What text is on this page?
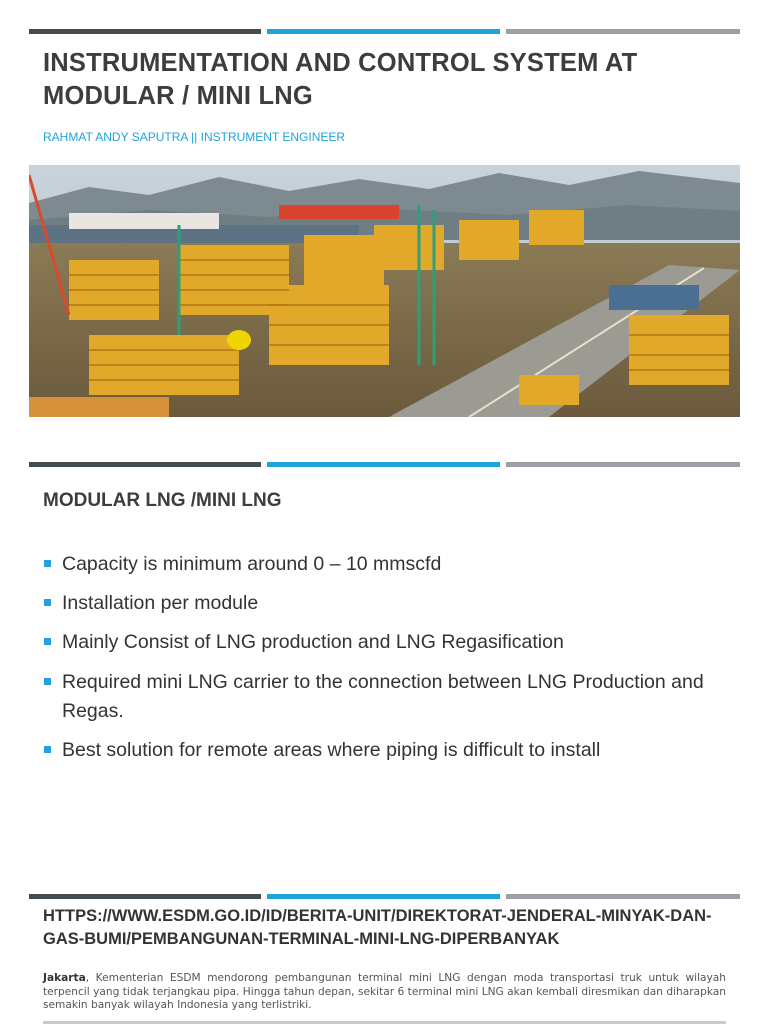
INSTRUMENTATION AND CONTROL SYSTEM AT MODULAR / MINI LNG

RAHMAT ANDY SAPUTRA || INSTRUMENT ENGINEER

MODULAR LNG /MINI LNG
Capacity is minimum around 0 – 10 mmscfd
Installation per module
Mainly Consist of LNG production and LNG Regasification
Required mini LNG carrier to the connection between LNG Production and Regas.
Best solution for remote areas where piping is difficult to install
HTTPS://WWW.ESDM.GO.ID/ID/BERITA-UNIT/DIREKTORAT-JENDERAL-MINYAK-DAN-GAS-BUMI/PEMBANGUNAN-TERMINAL-MINI-LNG-DIPERBANYAK

Jakarta, Kementerian ESDM mendorong pembangunan terminal mini LNG dengan moda transportasi truk untuk wilayah terpencil yang tidak terjangkau pipa. Hingga tahun depan, sekitar 6 terminal mini LNG akan kembali diresmikan dan diharapkan semakin banyak wilayah Indonesia yang terlistriki.
